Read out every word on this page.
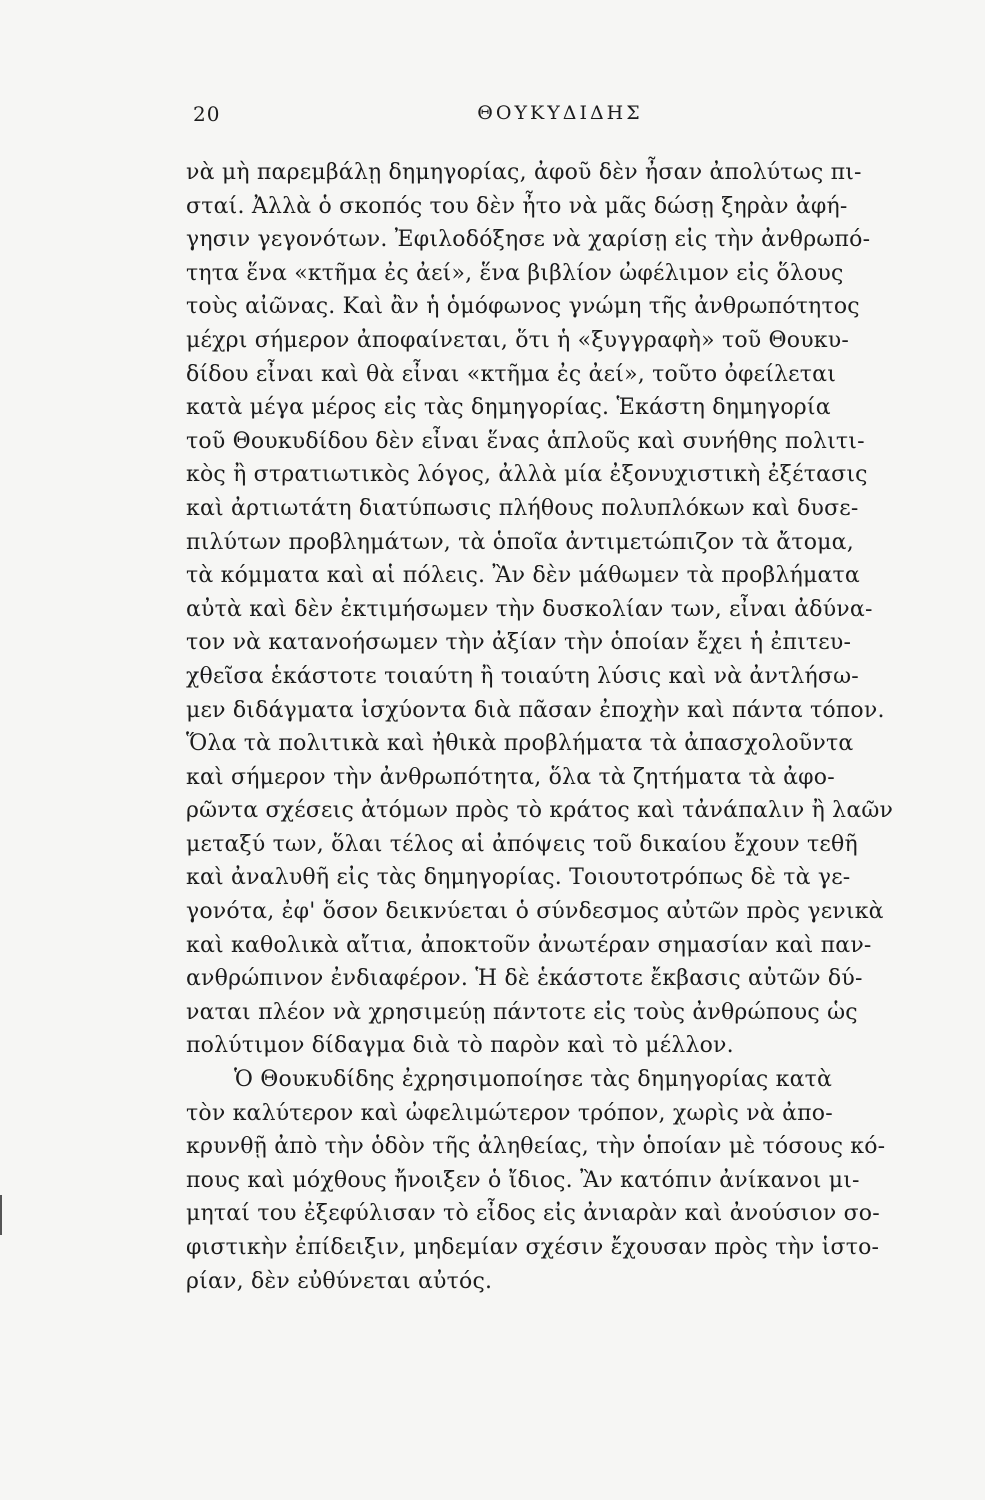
20	ΘΟΥΚΥΔΙΔΗΣ
νὰ μὴ παρεμβάλῃ δημηγορίας, ἀφοῦ δὲν ἦσαν ἀπολύτως πι-
σταί. Ἀλλὰ ὁ σκοπός του δὲν ἦτο νὰ μᾶς δώσῃ ξηρὰν ἀφή-
γησιν γεγονότων. Ἐφιλοδόξησε νὰ χαρίσῃ εἰς τὴν ἀνθρωπό-
τητα ἕνα «κτῆμα ἐς ἀεί», ἕνα βιβλίον ὠφέλιμον εἰς ὅλους
τοὺς αἰῶνας. Καὶ ἂν ἡ ὁμόφωνος γνώμη τῆς ἀνθρωπότητος
μέχρι σήμερον ἀποφαίνεται, ὅτι ἡ «ξυγγραφὴ» τοῦ Θουκυ-
δίδου εἶναι καὶ θὰ εἶναι «κτῆμα ἐς ἀεί», τοῦτο ὀφείλεται
κατὰ μέγα μέρος εἰς τὰς δημηγορίας. Ἑκάστη δημηγορία
τοῦ Θουκυδίδου δὲν εἶναι ἕνας ἁπλοῦς καὶ συνήθης πολιτι-
κὸς ἢ στρατιωτικὸς λόγος, ἀλλὰ μία ἐξονυχιστικὴ ἐξέτασις
καὶ ἀρτιωτάτη διατύπωσις πλήθους πολυπλόκων καὶ δυσε-
πιλύτων προβλημάτων, τὰ ὁποῖα ἀντιμετώπιζον τὰ ἄτομα,
τὰ κόμματα καὶ αἱ πόλεις. Ἂν δὲν μάθωμεν τὰ προβλήματα
αὐτὰ καὶ δὲν ἐκτιμήσωμεν τὴν δυσκολίαν των, εἶναι ἀδύνα-
τον νὰ κατανοήσωμεν τὴν ἀξίαν τὴν ὁποίαν ἔχει ἡ ἐπιτευ-
χθεῖσα ἑκάστοτε τοιαύτη ἢ τοιαύτη λύσις καὶ νὰ ἀντλήσω-
μεν διδάγματα ἰσχύοντα διὰ πᾶσαν ἐποχὴν καὶ πάντα τόπον.
Ὅλα τὰ πολιτικὰ καὶ ἠθικὰ προβλήματα τὰ ἀπασχολοῦντα
καὶ σήμερον τὴν ἀνθρωπότητα, ὅλα τὰ ζητήματα τὰ ἀφο-
ρῶντα σχέσεις ἀτόμων πρὸς τὸ κράτος καὶ τἀνάπαλιν ἢ λαῶν
μεταξύ των, ὅλαι τέλος αἱ ἀπόψεις τοῦ δικαίου ἔχουν τεθῆ
καὶ ἀναλυθῆ εἰς τὰς δημηγορίας. Τοιουτοτρόπως δὲ τὰ γε-
γονότα, ἐφ' ὅσον δεικνύεται ὁ σύνδεσμος αὐτῶν πρὸς γενικὰ
καὶ καθολικὰ αἴτια, ἀποκτοῦν ἀνωτέραν σημασίαν καὶ παν-
ανθρώπινον ἐνδιαφέρον. Ἡ δὲ ἑκάστοτε ἔκβασις αὐτῶν δύ-
ναται πλέον νὰ χρησιμεύῃ πάντοτε εἰς τοὺς ἀνθρώπους ὡς
πολύτιμον δίδαγμα διὰ τὸ παρὸν καὶ τὸ μέλλον.
Ὁ Θουκυδίδης ἐχρησιμοποίησε τὰς δημηγορίας κατὰ
τὸν καλύτερον καὶ ὠφελιμώτερον τρόπον, χωρὶς νὰ ἀπο-
κρυνθῇ ἀπὸ τὴν ὁδὸν τῆς ἀληθείας, τὴν ὁποίαν μὲ τόσους κό-
πους καὶ μόχθους ἤνοιξεν ὁ ἴδιος. Ἂν κατόπιν ἀνίκανοι μι-
μηταί του ἐξεφύλισαν τὸ εἶδος εἰς ἀνιαρὰν καὶ ἀνούσιον σο-
φιστικὴν ἐπίδειξιν, μηδεμίαν σχέσιν ἔχουσαν πρὸς τὴν ἱστο-
ρίαν, δὲν εὐθύνεται αὐτός.
